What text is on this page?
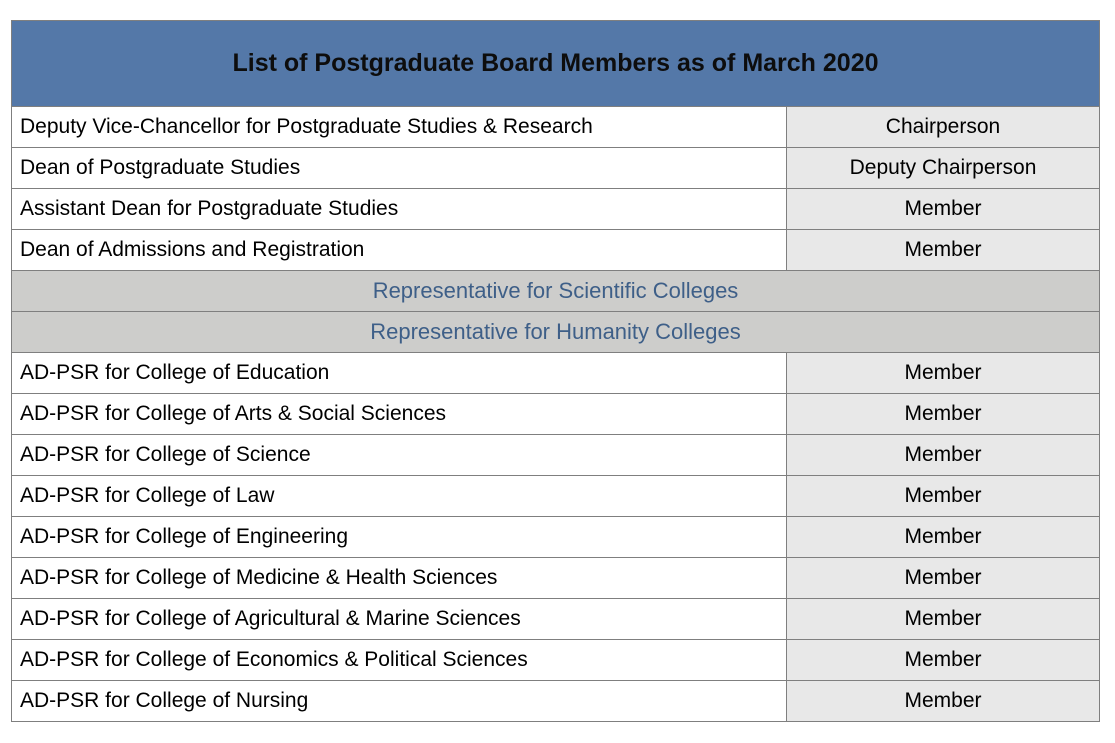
List of Postgraduate Board Members as of March 2020	
Deputy Vice-Chancellor for Postgraduate Studies & Research	Chairperson
Dean of Postgraduate Studies	Deputy Chairperson
Assistant Dean for Postgraduate Studies	Member
Dean of Admissions and Registration	Member
Representative for Scientific Colleges	
Representative for Humanity Colleges	
AD-PSR for College of Education	Member
AD-PSR for College of Arts & Social Sciences	Member
AD-PSR for College of Science	Member
AD-PSR for College of Law	Member
AD-PSR for College of Engineering	Member
AD-PSR for College of Medicine & Health Sciences	Member
AD-PSR for College of Agricultural & Marine Sciences	Member
AD-PSR for College of Economics & Political Sciences	Member
AD-PSR for College of Nursing	Member
